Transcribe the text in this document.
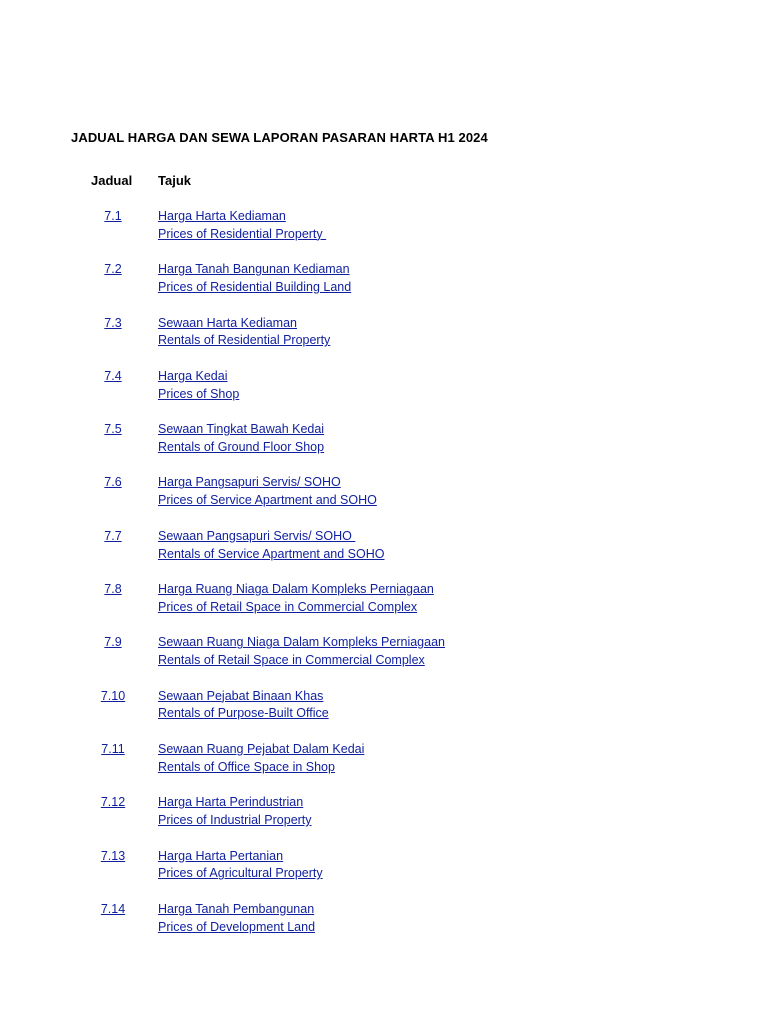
JADUAL HARGA DAN SEWA LAPORAN PASARAN HARTA H1 2024
Jadual Tajuk
7.1	Harga Harta Kediaman
Prices of Residential Property
7.2	Harga Tanah Bangunan Kediaman
Prices of Residential Building Land
7.3	Sewaan Harta Kediaman
Rentals of Residential Property
7.4	Harga Kedai
Prices of Shop
7.5	Sewaan Tingkat Bawah Kedai
Rentals of Ground Floor Shop
7.6	Harga Pangsapuri Servis/ SOHO
Prices of Service Apartment and SOHO
7.7	Sewaan Pangsapuri Servis/ SOHO
Rentals of Service Apartment and SOHO
7.8	Harga Ruang Niaga Dalam Kompleks Perniagaan
Prices of Retail Space in Commercial Complex
7.9	Sewaan Ruang Niaga Dalam Kompleks Perniagaan
Rentals of Retail Space in Commercial Complex
7.10	Sewaan Pejabat Binaan Khas
Rentals of Purpose-Built Office
7.11	Sewaan Ruang Pejabat Dalam Kedai
Rentals of Office Space in Shop
7.12	Harga Harta Perindustrian
Prices of Industrial Property
7.13	Harga Harta Pertanian
Prices of Agricultural Property
7.14	Harga Tanah Pembangunan
Prices of Development Land
